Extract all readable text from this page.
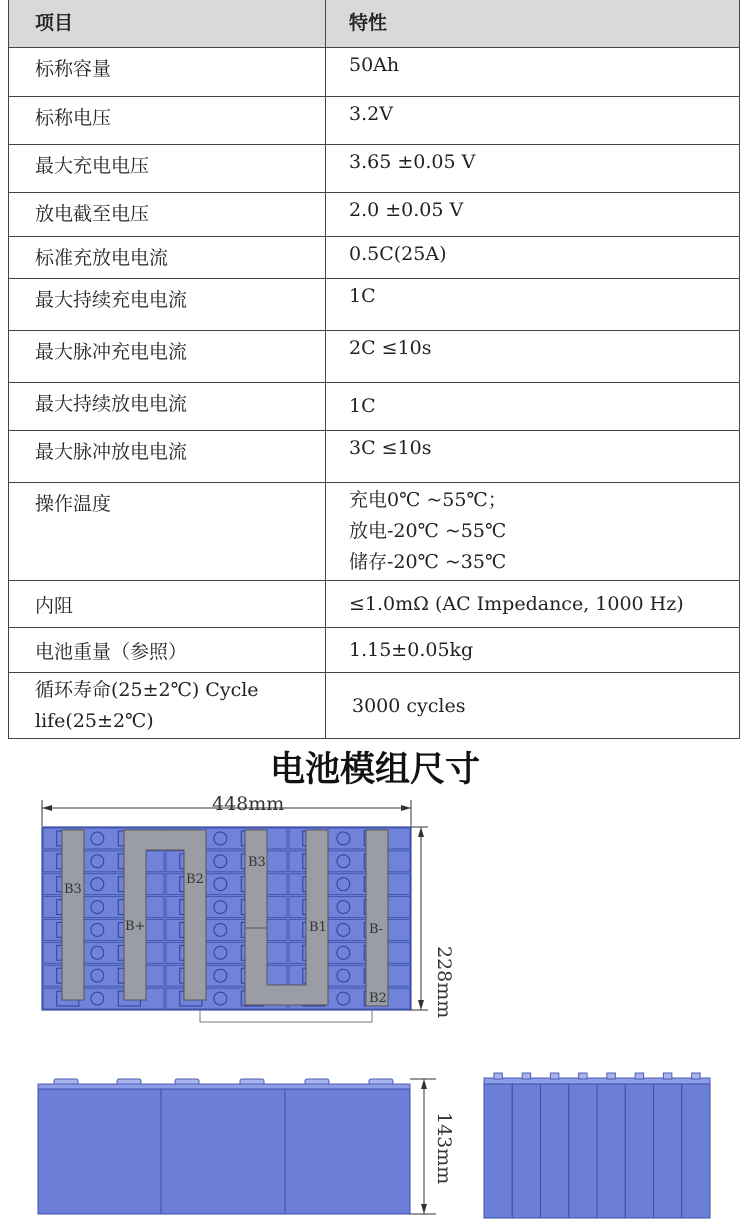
项目	特性
标称容量	50Ah
标称电压	3.2V
最大充电电压	3.65 ±0.05 V
放电截至电压	2.0 ±0.05 V
标准充放电电流	0.5C(25A)
最大持续充电电流	1C
最大脉冲充电电流	2C ≤10s
最大持续放电电流	1C
最大脉冲放电电流	3C ≤10s
操作温度	充电0℃ ~55℃；
放电-20℃ ~55℃
储存-20℃ ~35℃

内阻	≤1.0mΩ (AC Impedance, 1000 Hz)
电池重量（参照）	1.15±0.05kg

循环寿命(25±2℃) Cycle
life(25±2℃)	3000 cycles
电池模组尺寸
448mm
B3
B2
B3
B+	B1	B-
B2 228mm
143mm
